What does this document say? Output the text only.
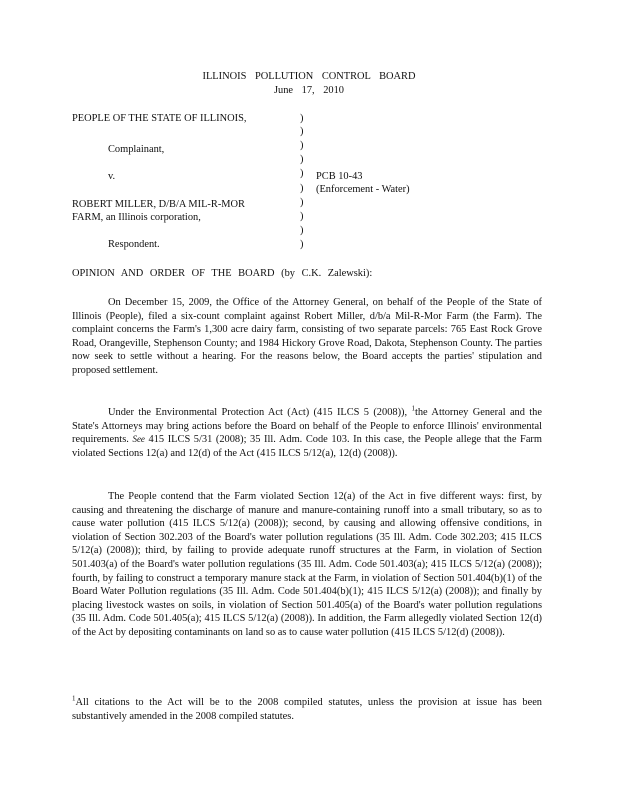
ILLINOIS POLLUTION CONTROL BOARD
June 17, 2010
PEOPLE OF THE STATE OF ILLINOIS,
Complainant,
v.
ROBERT MILLER, D/B/A MIL-R-MOR
FARM, an Illinois corporation,
Respondent.
)
)
)
)
)
)
)
)
)
)
PCB 10-43
(Enforcement - Water)
OPINION AND ORDER OF THE BOARD (by C.K. Zalewski):

On December 15, 2009, the Office of the Attorney General, on behalf of the People of the State of Illinois (People), filed a six-count complaint against Robert Miller, d/b/a Mil-R-Mor Farm (the Farm). The complaint concerns the Farm's 1,300 acre dairy farm, consisting of two separate parcels: 765 East Rock Grove Road, Orangeville, Stephenson County; and 1984 Hickory Grove Road, Dakota, Stephenson County. The parties now seek to settle without a hearing. For the reasons below, the Board accepts the parties' stipulation and proposed settlement.

Under the Environmental Protection Act (Act) (415 ILCS 5 (2008)), $^1$the Attorney General and the State's Attorneys may bring actions before the Board on behalf of the People to enforce Illinois' environmental requirements. See 415 ILCS 5/31 (2008); 35 Ill. Adm. Code 103. In this case, the People allege that the Farm violated Sections 12(a) and 12(d) of the Act (415 ILCS 5/12(a), 12(d) (2008)).

The People contend that the Farm violated Section 12(a) of the Act in five different ways: first, by causing and threatening the discharge of manure and manure-containing runoff into a small tributary, so as to cause water pollution (415 ILCS 5/12(a) (2008)); second, by causing and allowing offensive conditions, in violation of Section 302.203 of the Board's water pollution regulations (35 Ill. Adm. Code 302.203; 415 ILCS 5/12(a) (2008)); third, by failing to provide adequate runoff structures at the Farm, in violation of Section 501.403(a) of the Board's water pollution regulations (35 Ill. Adm. Code 501.403(a); 415 ILCS 5/12(a) (2008)); fourth, by failing to construct a temporary manure stack at the Farm, in violation of Section 501.404(b)(1) of the Board Water Pollution regulations (35 Ill. Adm. Code 501.404(b)(1); 415 ILCS 5/12(a) (2008)); and finally by placing livestock wastes on soils, in violation of Section 501.405(a) of the Board's water pollution regulations (35 Ill. Adm. Code 501.405(a); 415 ILCS 5/12(a) (2008)). In addition, the Farm allegedly violated Section 12(d) of the Act by depositing contaminants on land so as to cause water pollution (415 ILCS 5/12(d) (2008)).

$^1$All citations to the Act will be to the 2008 compiled statutes, unless the provision at issue has been substantively amended in the 2008 compiled statutes.
